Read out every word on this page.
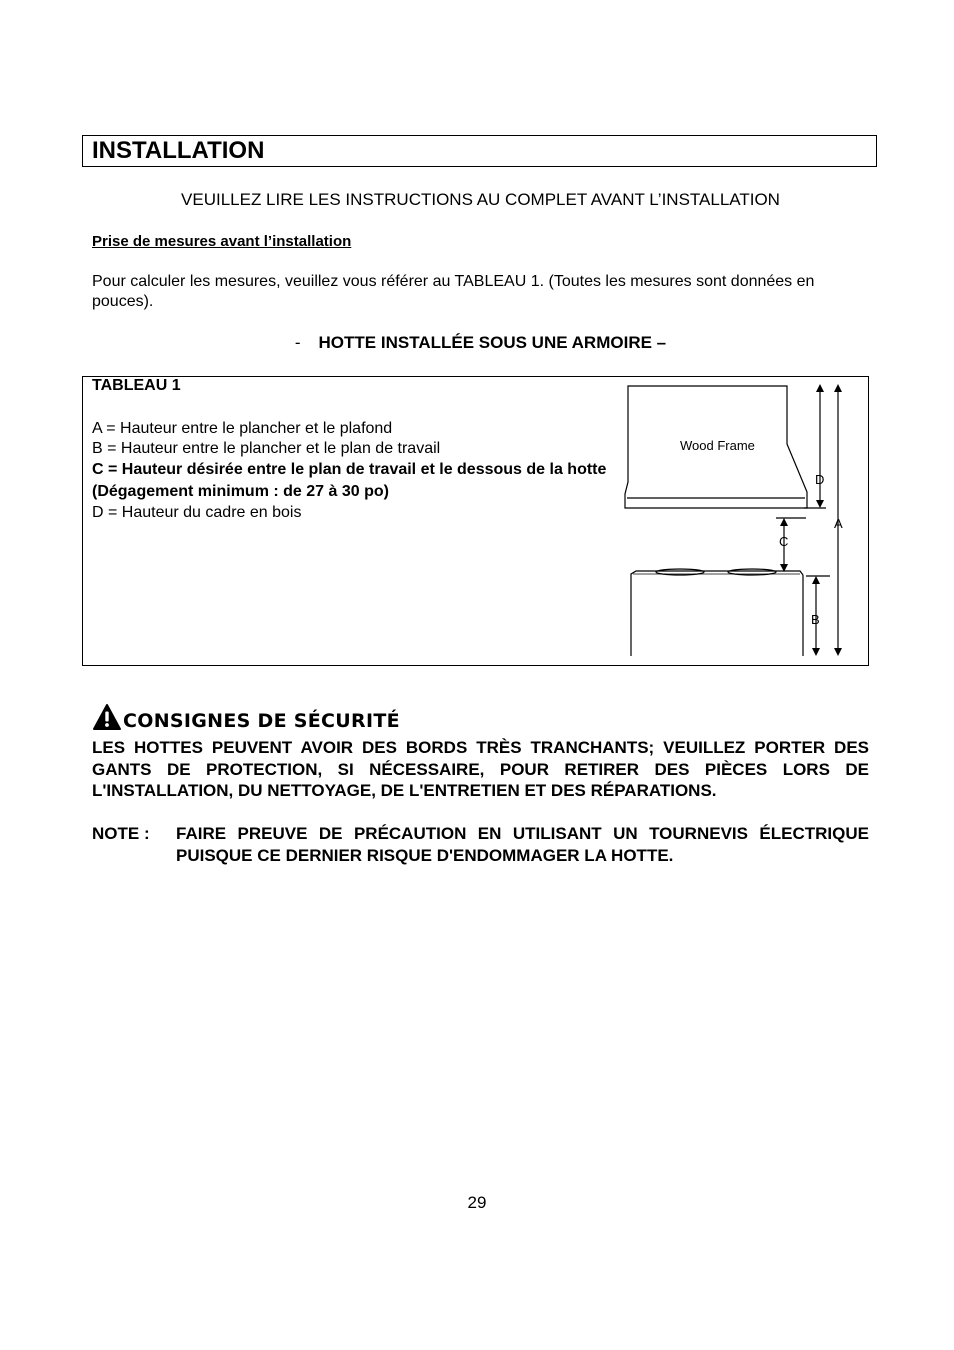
INSTALLATION
VEUILLEZ LIRE LES INSTRUCTIONS AU COMPLET AVANT L’INSTALLATION
Prise de mesures avant l’installation
Pour calculer les mesures, veuillez vous référer au TABLEAU 1. (Toutes les mesures sont données en pouces).
- HOTTE INSTALLÉE SOUS UNE ARMOIRE –
TABLEAU 1
A = Hauteur entre le plancher et le plafond
B = Hauteur entre le plancher et le plan de travail
C = Hauteur désirée entre le plan de travail et le dessous de la hotte (Dégagement minimum : de 27 à 30 po)
D = Hauteur du cadre en bois
Wood Frame
D
A
C
B
CONSIGNES DE SÉCURITÉ
LES HOTTES PEUVENT AVOIR DES BORDS TRÈS TRANCHANTS; VEUILLEZ PORTER DES GANTS DE PROTECTION, SI NÉCESSAIRE, POUR RETIRER DES PIÈCES LORS DE L'INSTALLATION, DU NETTOYAGE, DE L'ENTRETIEN ET DES RÉPARATIONS.
NOTE : FAIRE PREUVE DE PRÉCAUTION EN UTILISANT UN TOURNEVIS ÉLECTRIQUE PUISQUE CE DERNIER RISQUE D'ENDOMMAGER LA HOTTE.
29
